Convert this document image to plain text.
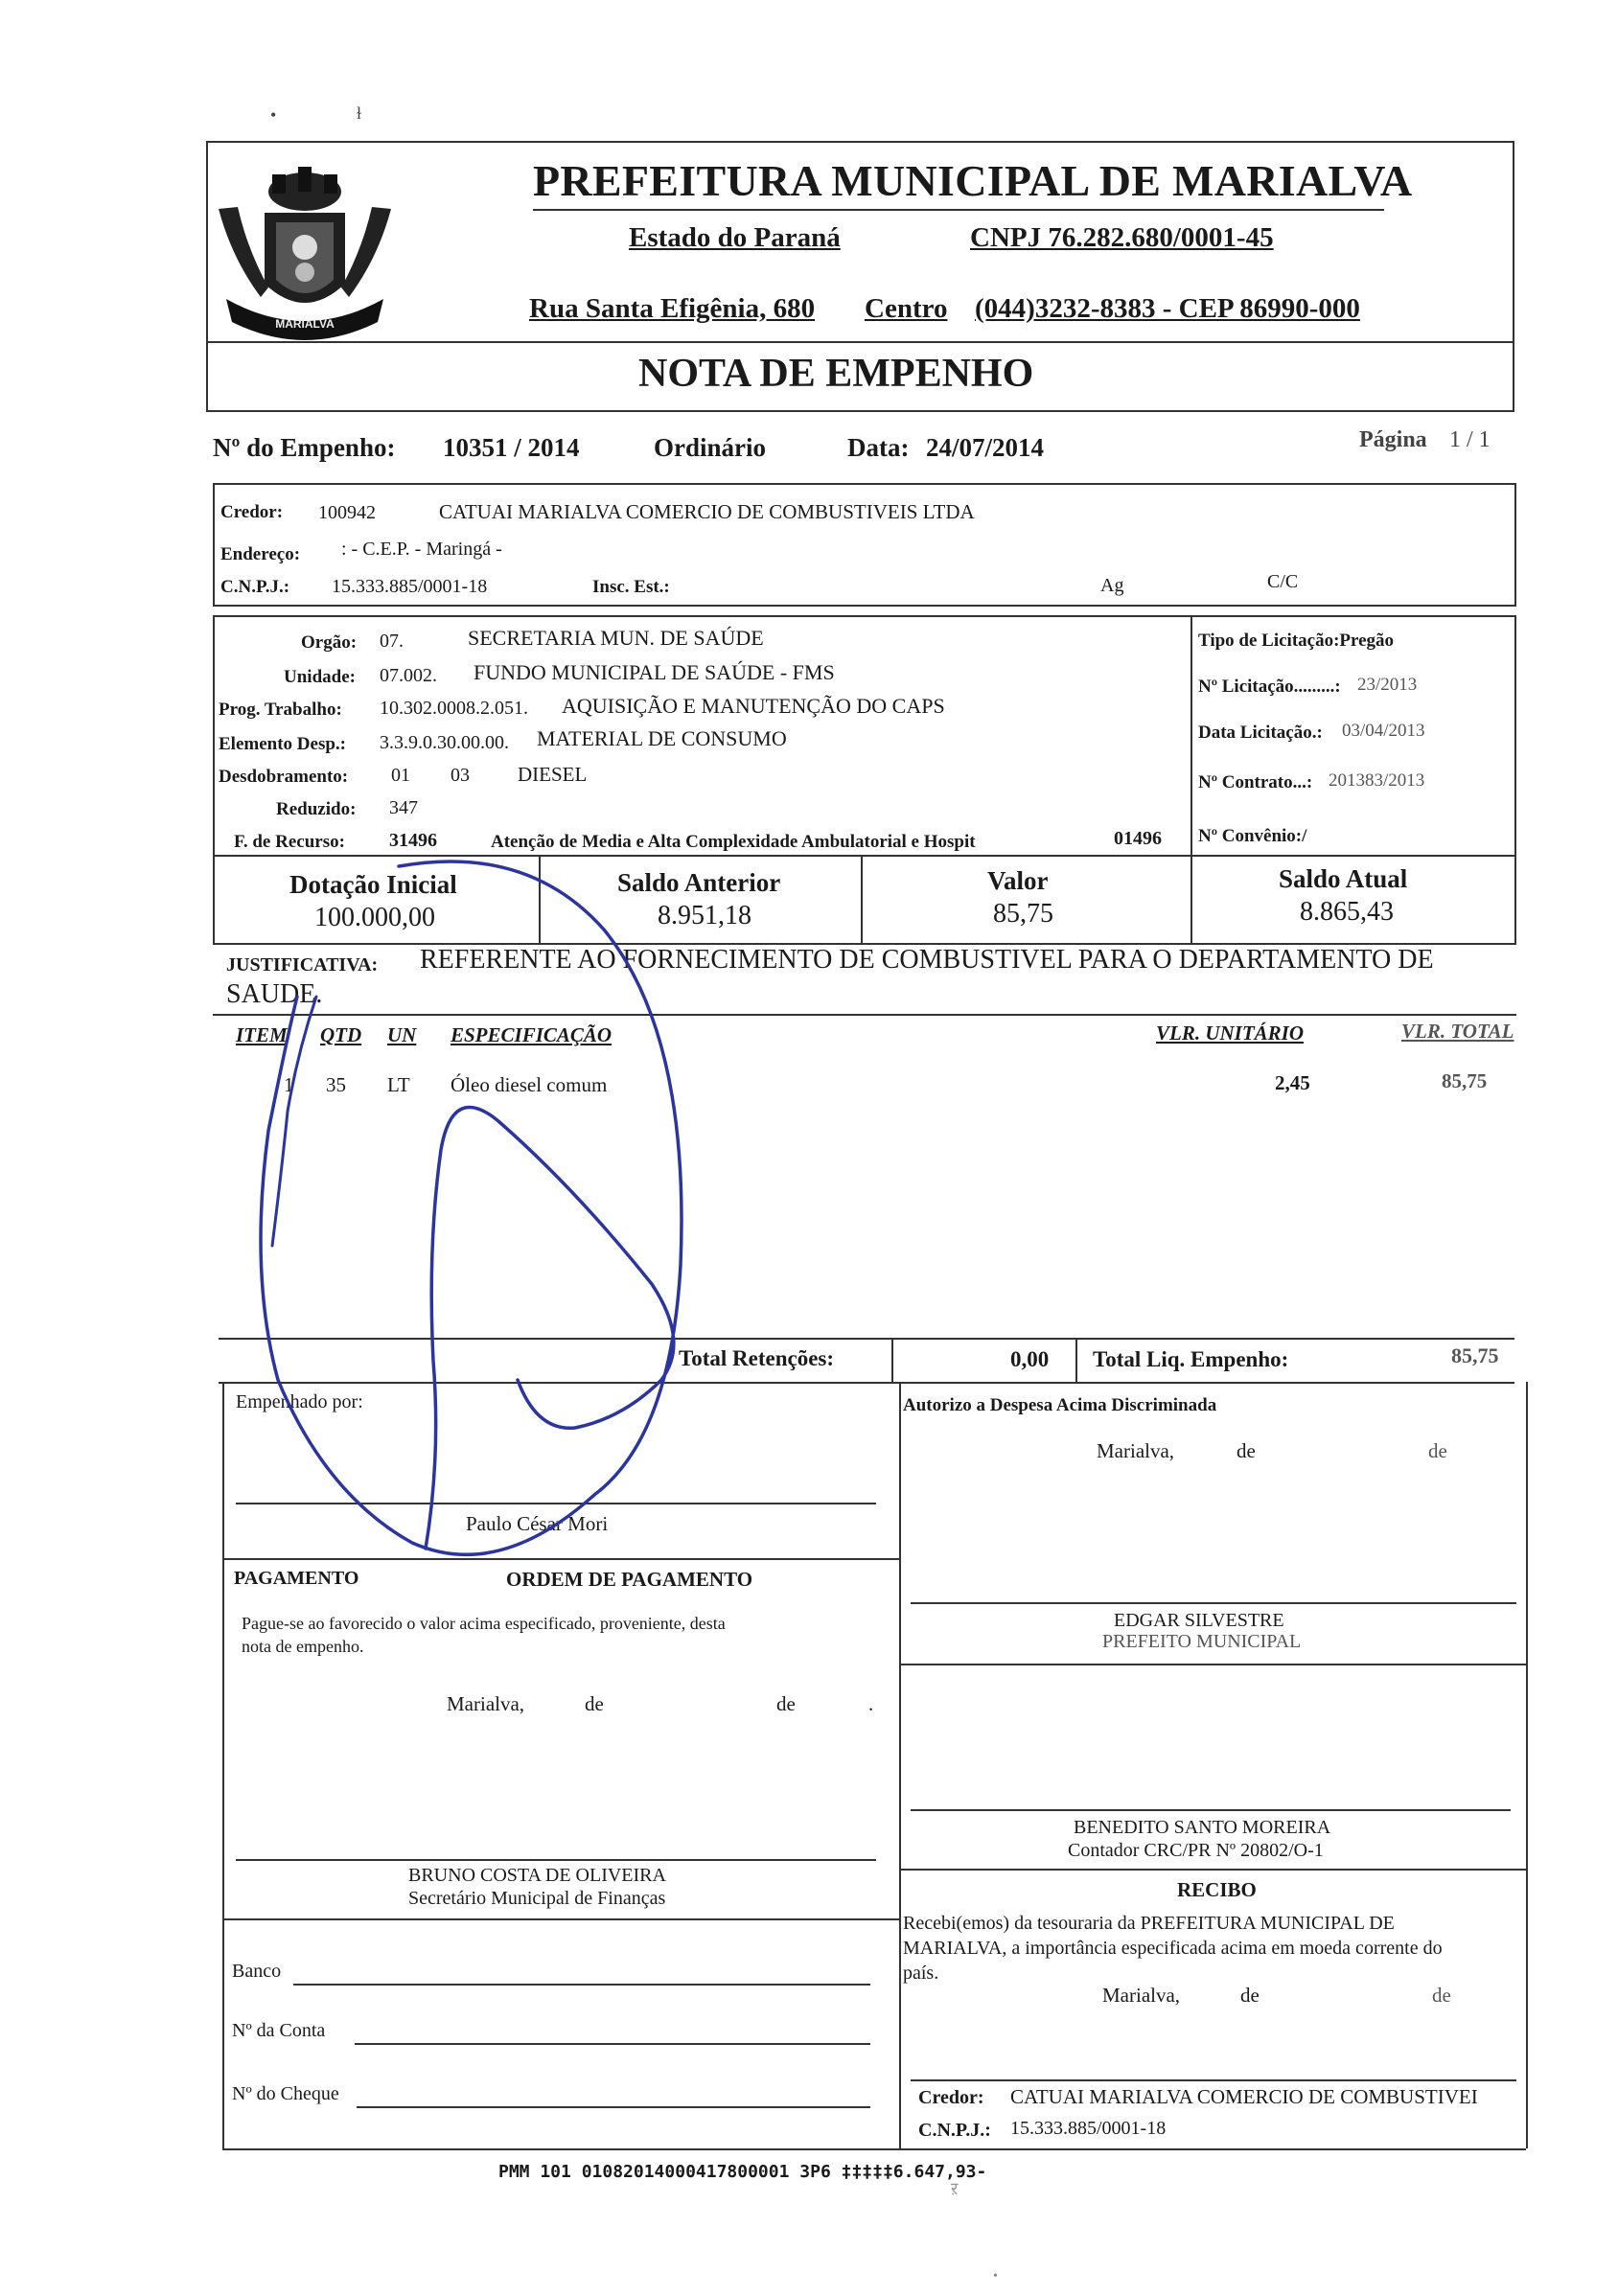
•	ɫ
MARIALVA
PREFEITURA MUNICIPAL DE MARIALVA
Estado do Paraná	CNPJ 76.282.680/0001-45
Rua Santa Efigênia, 680 Centro (044)3232-8383 - CEP 86990-000
NOTA DE EMPENHO
Nº do Empenho: 10351 / 2014	Ordinário	Data: 24/07/2014	Página 1 / 1
Credor: 100942	CATUAI MARIALVA COMERCIO DE COMBUSTIVEIS LTDA
Endereço: : - C.E.P. - Maringá -
C.N.P.J.: 15.333.885/0001-18	Insc. Est.:	Ag	C/C
Orgão: 07.	SECRETARIA MUN. DE SAÚDE
Unidade: 07.002. FUNDO MUNICIPAL DE SAÚDE - FMS
Prog. Trabalho: 10.302.0008.2.051. AQUISIÇÃO E MANUTENÇÃO DO CAPS
Elemento Desp.: 3.3.9.0.30.00.00. MATERIAL DE CONSUMO
Desdobramento: 01 03 DIESEL
Reduzido: 347
F. de Recurso: 31496	Atenção de Media e Alta Complexidade Ambulatorial e Hospit	01496
Tipo de Licitação:Pregão
Nº Licitação.........: 23/2013
Data Licitação.: 03/04/2013
Nº Contrato...: 201383/2013
Nº Convênio:/
Dotação Inicial
100.000,00
Saldo Anterior
8.951,18
Valor
85,75
Saldo Atual
8.865,43
JUSTIFICATIVA: REFERENTE AO FORNECIMENTO DE COMBUSTIVEL PARA O DEPARTAMENTO DE
SAUDE.
ITEM QTD UN ESPECIFICAÇÃO	VLR. UNITÁRIO	VLR. TOTAL
1 35 LT Óleo diesel comum	2,45	85,75
Total Retenções:	0,00 Total Liq. Empenho:	85,75
Empenhado por:
Paulo César Mori
Autorizo a Despesa Acima Discriminada
Marialva,	de	de
EDGAR SILVESTRE
PREFEITO MUNICIPAL
PAGAMENTO	ORDEM DE PAGAMENTO
Pague-se ao favorecido o valor acima especificado, proveniente, desta
nota de empenho.
Marialva,	de	de	.
BENEDITO SANTO MOREIRA
Contador CRC/PR Nº 20802/O-1
BRUNO COSTA DE OLIVEIRA
Secretário Municipal de Finanças	RECIBO
Recebi(emos) da tesouraria da PREFEITURA MUNICIPAL DE
MARIALVA, a importância especificada acima em moeda corrente do
país.
Marialva,	de	de
Credor: CATUAI MARIALVA COMERCIO DE COMBUSTIVEI
C.N.P.J.: 15.333.885/0001-18
Banco
Nº da Conta
Nº do Cheque
PMM 101 01082014000417800001 3P6 ‡‡‡‡‡6.647,93-
ऱ
•
